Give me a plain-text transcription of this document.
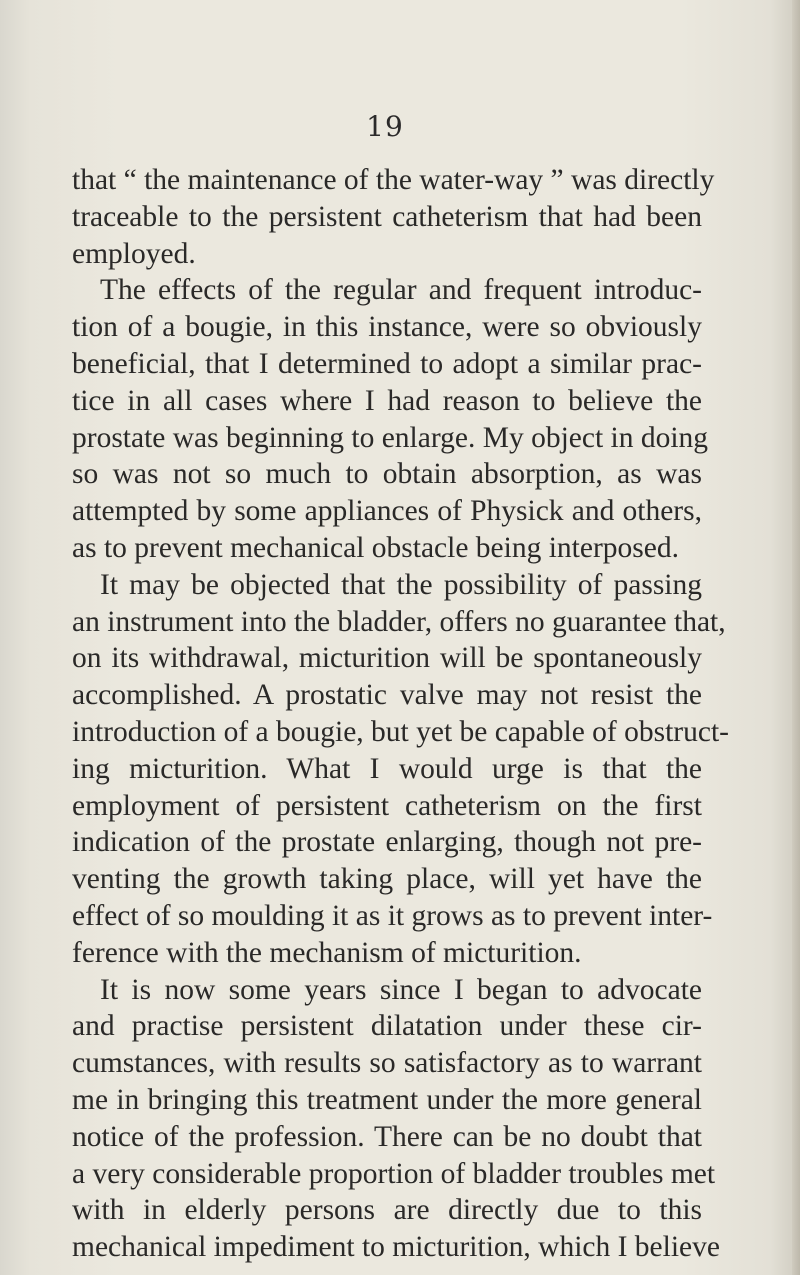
19
that “ the maintenance of the water-way ” was directly
traceable to the persistent catheterism that had been
employed.
The effects of the regular and frequent introduc-
tion of a bougie, in this instance, were so obviously
beneficial, that I determined to adopt a similar prac-
tice in all cases where I had reason to believe the
prostate was beginning to enlarge. My object in doing
so was not so much to obtain absorption, as was
attempted by some appliances of Physick and others,
as to prevent mechanical obstacle being interposed.
It may be objected that the possibility of passing
an instrument into the bladder, offers no guarantee that,
on its withdrawal, micturition will be spontaneously
accomplished. A prostatic valve may not resist the
introduction of a bougie, but yet be capable of obstruct-
ing micturition. What I would urge is that the
employment of persistent catheterism on the first
indication of the prostate enlarging, though not pre-
venting the growth taking place, will yet have the
effect of so moulding it as it grows as to prevent inter-
ference with the mechanism of micturition.
It is now some years since I began to advocate
and practise persistent dilatation under these cir-
cumstances, with results so satisfactory as to warrant
me in bringing this treatment under the more general
notice of the profession. There can be no doubt that
a very considerable proportion of bladder troubles met
with in elderly persons are directly due to this
mechanical impediment to micturition, which I believe
